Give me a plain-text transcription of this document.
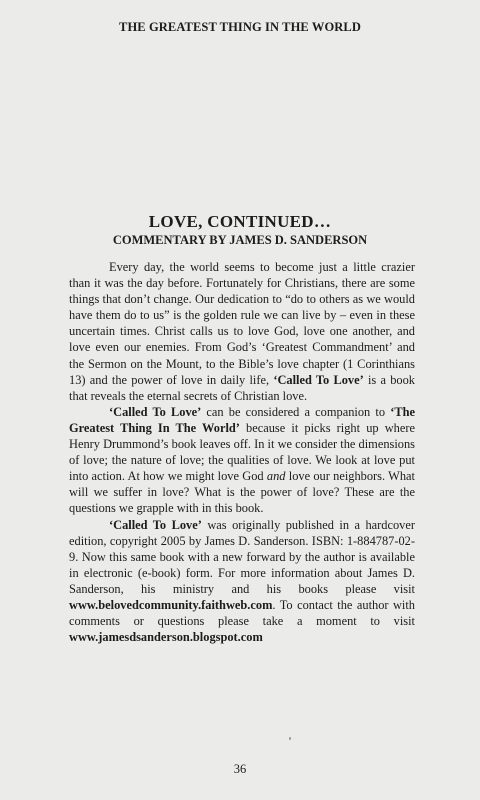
THE GREATEST THING IN THE WORLD
LOVE, CONTINUED…
COMMENTARY BY JAMES D. SANDERSON

Every day, the world seems to become just a little crazier than it was the day before. Fortunately for Christians, there are some things that don’t change. Our dedication to “do to others as we would have them do to us” is the golden rule we can live by – even in these uncertain times. Christ calls us to love God, love one another, and love even our enemies. From God’s ‘Greatest Commandment’ and the Sermon on the Mount, to the Bible’s love chapter (1 Corinthians 13) and the power of love in daily life, ‘Called To Love’ is a book that reveals the eternal secrets of Christian love.

‘Called To Love’ can be considered a companion to ‘The Greatest Thing In The World’ because it picks right up where Henry Drummond’s book leaves off. In it we consider the dimensions of love; the nature of love; the qualities of love. We look at love put into action. At how we might love God and love our neighbors. What will we suffer in love? What is the power of love? These are the questions we grapple with in this book.

‘Called To Love’ was originally published in a hardcover edition, copyright 2005 by James D. Sanderson. ISBN: 1-884787-02-9. Now this same book with a new forward by the author is available in electronic (e-book) form. For more information about James D. Sanderson, his ministry and his books please visit www.belovedcommunity.faithweb.com. To contact the author with comments or questions please take a moment to visit www.jamesdsanderson.blogspot.com

36
